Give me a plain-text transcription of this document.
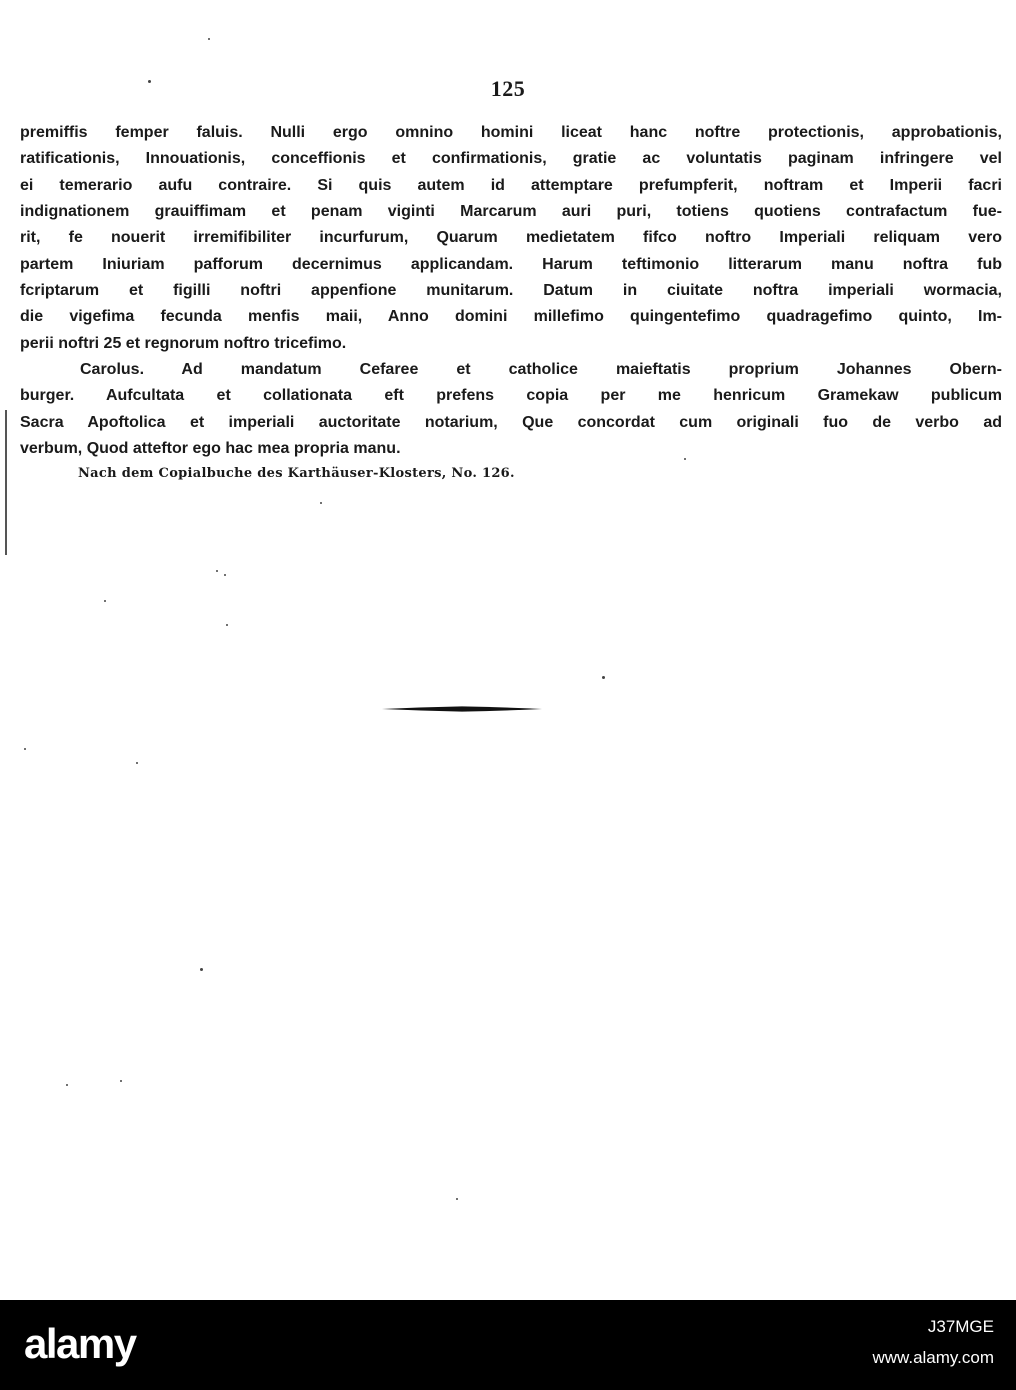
125
premiffis femper faluis. Nulli ergo omnino homini liceat hanc noftre protectionis, approbationis,
ratificationis, Innouationis, conceffionis et confirmationis, gratie ac voluntatis paginam infringere vel
ei temerario aufu contraire. Si quis autem id attemptare prefumpferit, noftram et Imperii facri
indignationem grauiffimam et penam viginti Marcarum auri puri, totiens quotiens contrafactum fue-
rit, fe nouerit irremifibiliter incurfurum, Quarum medietatem fifco noftro Imperiali reliquam vero
partem Iniuriam pafforum decernimus applicandam. Harum teftimonio litterarum manu noftra fub
fcriptarum et figilli noftri appenfione munitarum. Datum in ciuitate noftra imperiali wormacia,
die vigefima fecunda menfis maii, Anno domini millefimo quingentefimo quadragefimo quinto, Im-
perii noftri 25 et regnorum noftro tricefimo.
Carolus. Ad mandatum Cefaree et catholice maieftatis proprium Johannes Obern-
burger. Aufcultata et collationata eft prefens copia per me henricum Gramekaw publicum
Sacra Apoftolica et imperiali auctoritate notarium, Que concordat cum originali fuo de verbo ad
verbum, Quod atteftor ego hac mea propria manu.
Nach dem Copialbuche des Karthäuser-Klosters, No. 126.
alamy	J37MGE
www.alamy.com
